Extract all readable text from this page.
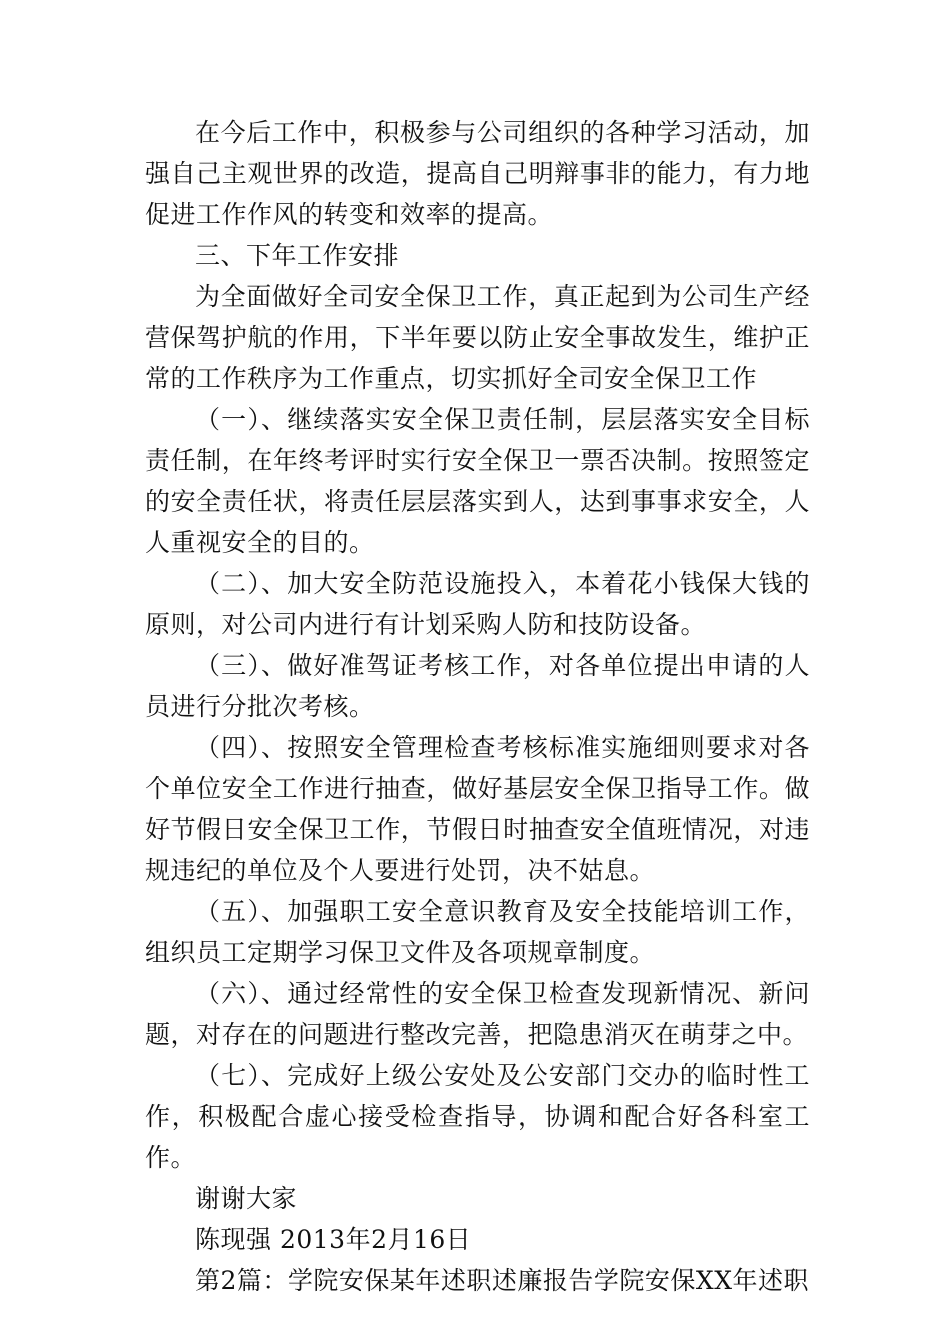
在今后工作中，积极参与公司组织的各种学习活动，加强自己主观世界的改造，提高自己明辩事非的能力，有力地促进工作作风的转变和效率的提高。

三、下年工作安排

为全面做好全司安全保卫工作，真正起到为公司生产经营保驾护航的作用，下半年要以防止安全事故发生，维护正常的工作秩序为工作重点，切实抓好全司安全保卫工作

（一）、继续落实安全保卫责任制，层层落实安全目标责任制，在年终考评时实行安全保卫一票否决制。按照签定的安全责任状，将责任层层落实到人，达到事事求安全，人人重视安全的目的。

（二）、加大安全防范设施投入，本着花小钱保大钱的原则，对公司内进行有计划采购人防和技防设备。

（三）、做好准驾证考核工作，对各单位提出申请的人员进行分批次考核。

（四）、按照安全管理检查考核标准实施细则要求对各个单位安全工作进行抽查，做好基层安全保卫指导工作。做好节假日安全保卫工作，节假日时抽查安全值班情况，对违规违纪的单位及个人要进行处罚，决不姑息。

（五）、加强职工安全意识教育及安全技能培训工作，组织员工定期学习保卫文件及各项规章制度。

（六）、通过经常性的安全保卫检查发现新情况、新问题，对存在的问题进行整改完善，把隐患消灭在萌芽之中。

（七）、完成好上级公安处及公安部门交办的临时性工作，积极配合虚心接受检查指导，协调和配合好各科室工作。

谢谢大家

陈现强 2013年2月16日

第2篇：学院安保某年述职述廉报告学院安保XX年述职
